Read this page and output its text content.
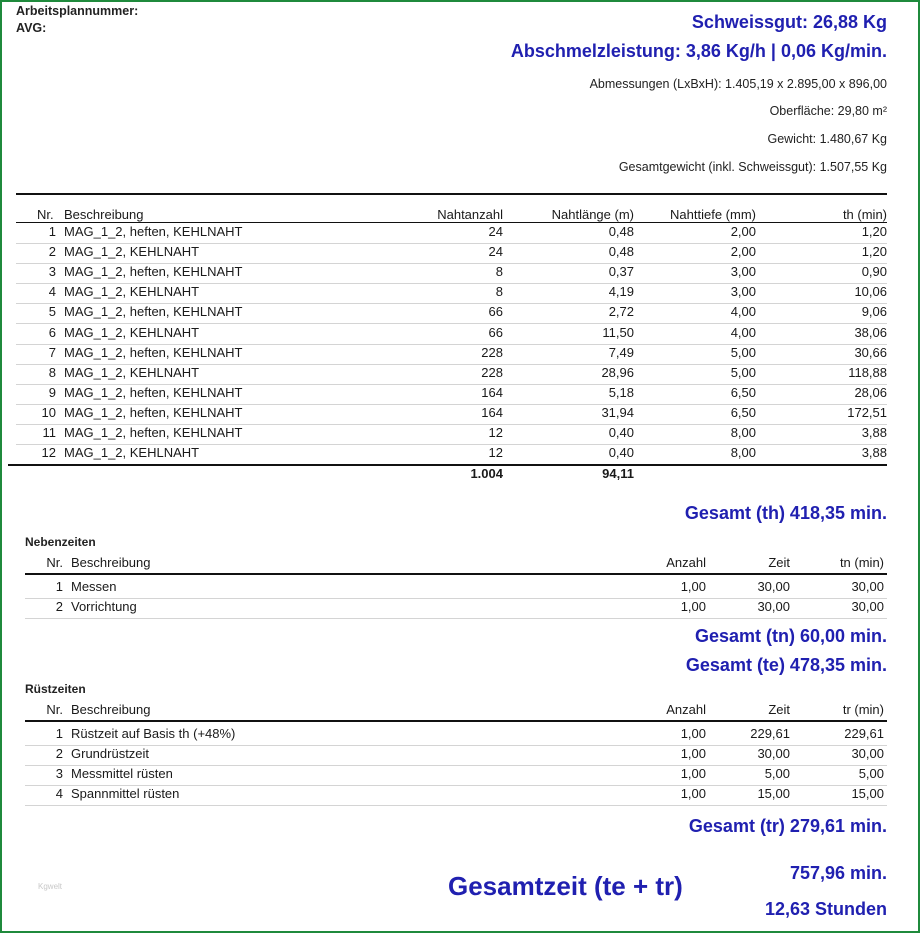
Arbeitsplannummer:
AVG:	Schweissgut: 26,88 Kg
Abschmelzleistung: 3,86 Kg/h | 0,06 Kg/min.
Abmessungen (LxBxH): 1.405,19 x 2.895,00 x 896,00
Oberfläche: 29,80 m²
Gewicht: 1.480,67 Kg
Gesamtgewicht (inkl. Schweissgut): 1.507,55 Kg
Nr. Beschreibung	Nahtanzahl	Nahtlänge (m)	Nahttiefe (mm)	th (min)
1 MAG_1_2, heften, KEHLNAHT	24	0,48	2,00	1,20
2 MAG_1_2, KEHLNAHT	24	0,48	2,00	1,20
3 MAG_1_2, heften, KEHLNAHT	8	0,37	3,00	0,90
4 MAG_1_2, KEHLNAHT	8	4,19	3,00	10,06
5 MAG_1_2, heften, KEHLNAHT	66	2,72	4,00	9,06
6 MAG_1_2, KEHLNAHT	66	11,50	4,00	38,06
7 MAG_1_2, heften, KEHLNAHT	228	7,49	5,00	30,66
8 MAG_1_2, KEHLNAHT	228	28,96	5,00	118,88
9 MAG_1_2, heften, KEHLNAHT	164	5,18	6,50	28,06
10 MAG_1_2, heften, KEHLNAHT	164	31,94	6,50	172,51
11 MAG_1_2, heften, KEHLNAHT	12	0,40	8,00	3,88
12 MAG_1_2, KEHLNAHT	12	0,40	8,00	3,88
1.004	94,11
Gesamt (th) 418,35 min.
Nebenzeiten
Nr. Beschreibung	Anzahl	Zeit	tn (min)
1 Messen	1,00	30,00	30,00
2 Vorrichtung	1,00	30,00	30,00
Gesamt (tn) 60,00 min.
Gesamt (te) 478,35 min.
Rüstzeiten
Nr. Beschreibung	Anzahl	Zeit	tr (min)
1 Rüstzeit auf Basis th (+48%)	1,00	229,61	229,61
2 Grundrüstzeit	1,00	30,00	30,00
3 Messmittel rüsten	1,00	5,00	5,00
4 Spannmittel rüsten	1,00	15,00	15,00
Gesamt (tr) 279,61 min.
Gesamtzeit (te + tr)	757,96 min.
12,63 Stunden
Kgwelt
